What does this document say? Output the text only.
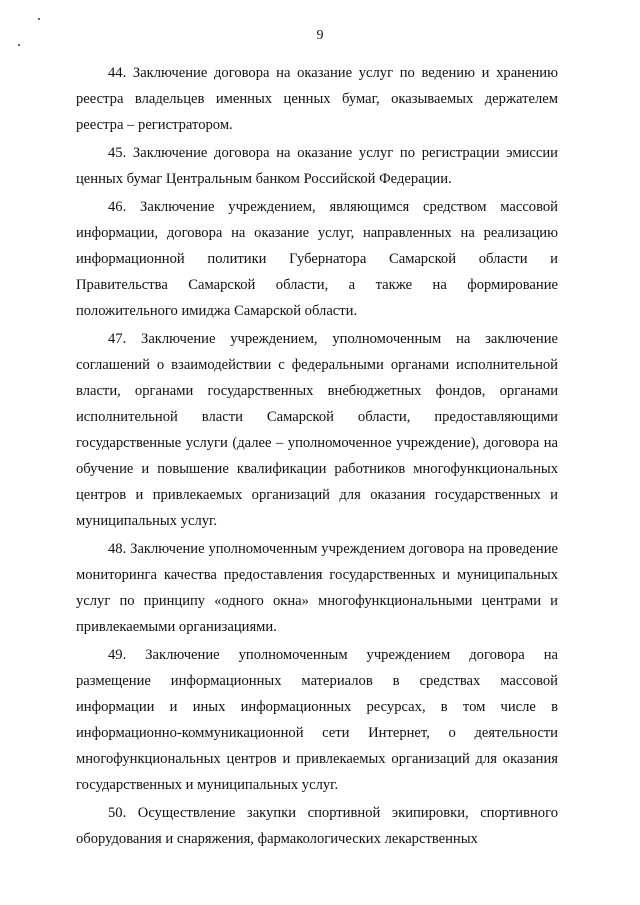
9

44. Заключение договора на оказание услуг по ведению и хранению реестра владельцев именных ценных бумаг, оказываемых держателем реестра – регистратором.

45. Заключение договора на оказание услуг по регистрации эмиссии ценных бумаг Центральным банком Российской Федерации.

46. Заключение учреждением, являющимся средством массовой информации, договора на оказание услуг, направленных на реализацию информационной политики Губернатора Самарской области и Правительства Самарской области, а также на формирование положительного имиджа Самарской области.

47. Заключение учреждением, уполномоченным на заключение соглашений о взаимодействии с федеральными органами исполнительной власти, органами государственных внебюджетных фондов, органами исполнительной власти Самарской области, предоставляющими государственные услуги (далее – уполномоченное учреждение), договора на обучение и повышение квалификации работников многофункциональных центров и привлекаемых организаций для оказания государственных и муниципальных услуг.

48. Заключение уполномоченным учреждением договора на проведение мониторинга качества предоставления государственных и муниципальных услуг по принципу «одного окна» многофункциональными центрами и привлекаемыми организациями.

49. Заключение уполномоченным учреждением договора на размещение информационных материалов в средствах массовой информации и иных информационных ресурсах, в том числе в информационно-коммуникационной сети Интернет, о деятельности многофункциональных центров и привлекаемых организаций для оказания государственных и муниципальных услуг.

50. Осуществление закупки спортивной экипировки, спортивного оборудования и снаряжения, фармакологических лекарственных
